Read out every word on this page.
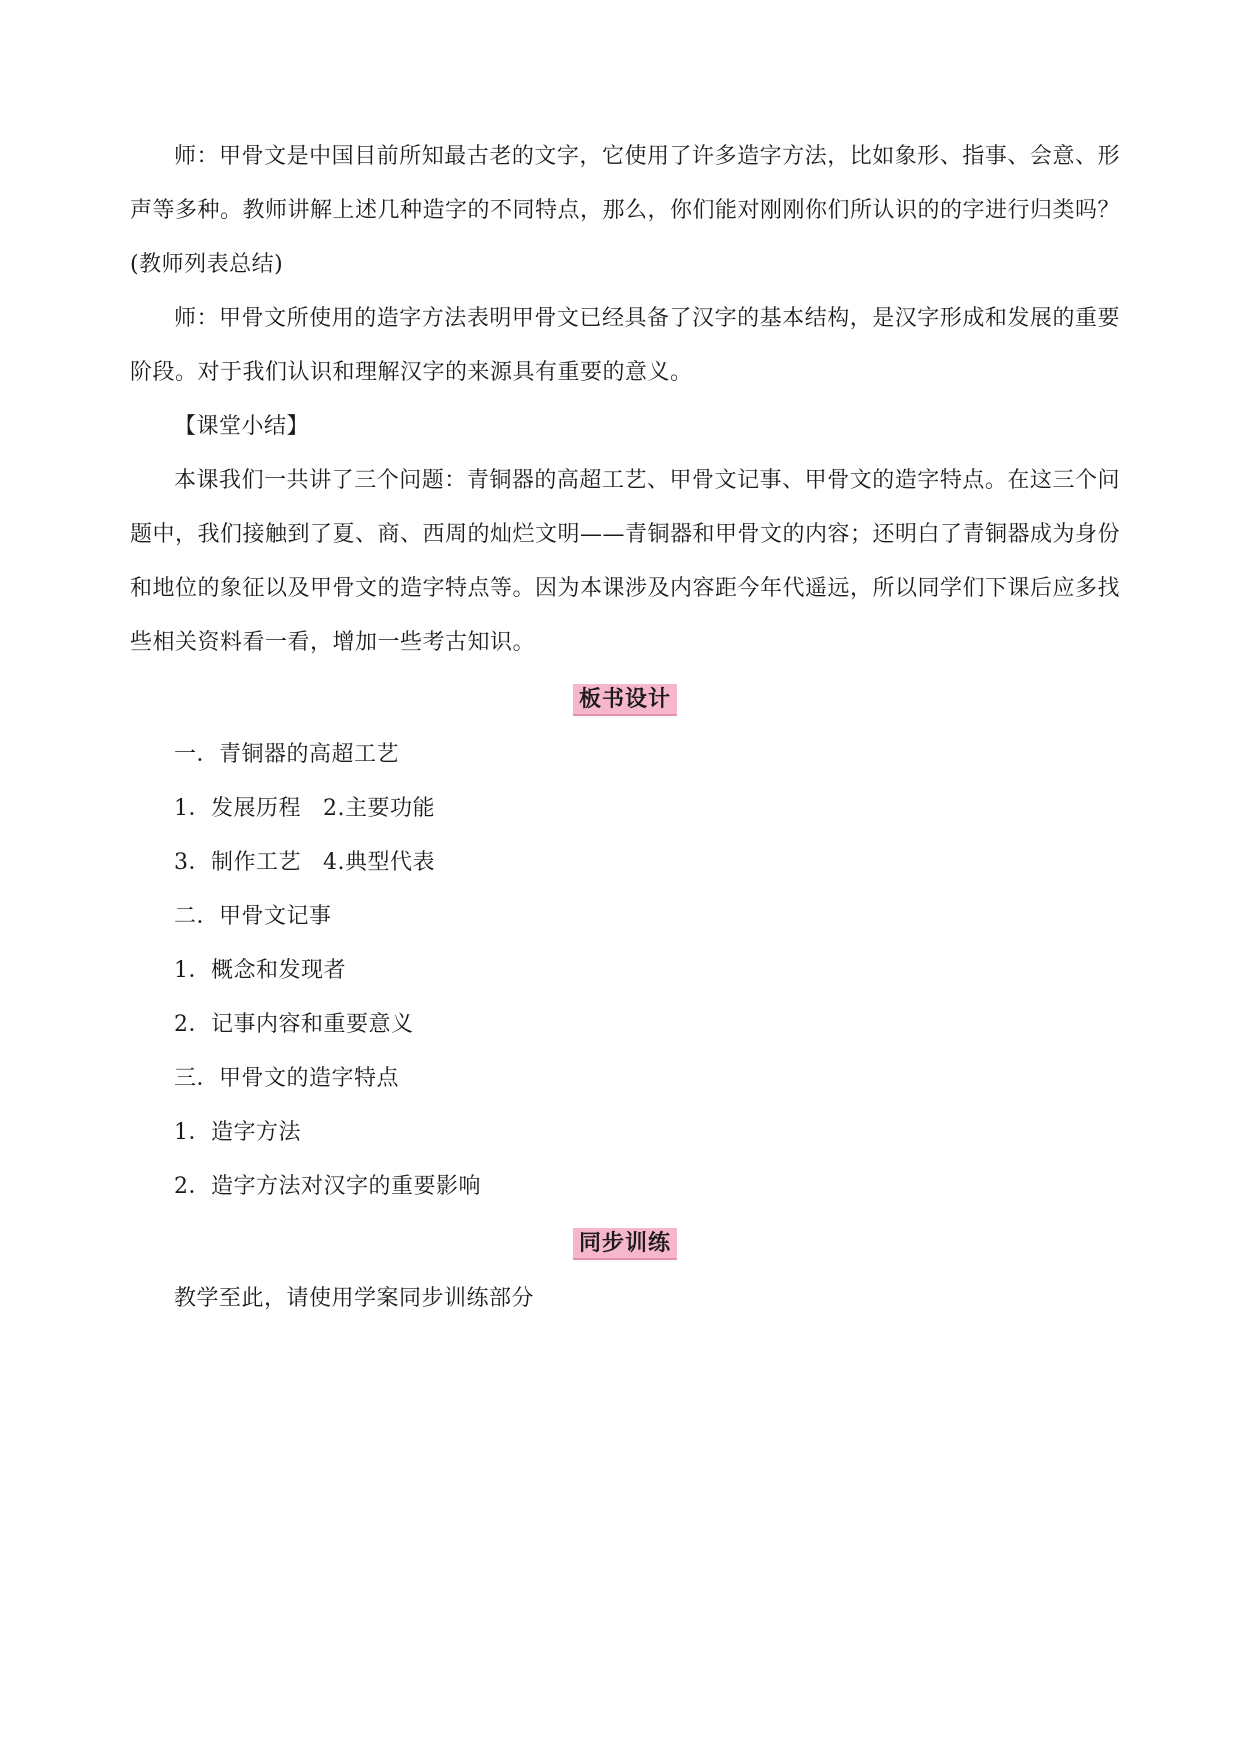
师：甲骨文是中国目前所知最古老的文字，它使用了许多造字方法，比如象形、指事、会意、形声等多种。教师讲解上述几种造字的不同特点，那么，你们能对刚刚你们所认识的的字进行归类吗？(教师列表总结)

师：甲骨文所使用的造字方法表明甲骨文已经具备了汉字的基本结构，是汉字形成和发展的重要阶段。对于我们认识和理解汉字的来源具有重要的意义。

【课堂小结】

本课我们一共讲了三个问题：青铜器的高超工艺、甲骨文记事、甲骨文的造字特点。在这三个问题中，我们接触到了夏、商、西周的灿烂文明——青铜器和甲骨文的内容；还明白了青铜器成为身份和地位的象征以及甲骨文的造字特点等。因为本课涉及内容距今年代遥远，所以同学们下课后应多找些相关资料看一看，增加一些考古知识。

板书设计

一．青铜器的高超工艺

1．发展历程 2.主要功能

3．制作工艺 4.典型代表

二．甲骨文记事

1．概念和发现者

2．记事内容和重要意义

三．甲骨文的造字特点

1．造字方法

2．造字方法对汉字的重要影响

同步训练

教学至此，请使用学案同步训练部分
